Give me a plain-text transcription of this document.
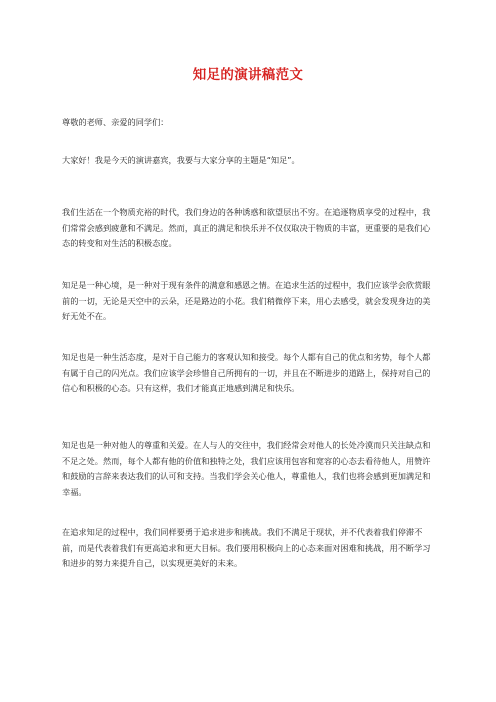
知足的演讲稿范文

尊敬的老师、亲爱的同学们：

大家好！我是今天的演讲嘉宾，我要与大家分享的主题是“知足”。

我们生活在一个物质充裕的时代，我们身边的各种诱惑和欲望层出不穷。在追逐物质享受的过程中，我们常常会感到疲惫和不满足。然而，真正的满足和快乐并不仅仅取决于物质的丰富，更重要的是我们心态的转变和对生活的积极态度。

知足是一种心境，是一种对于现有条件的满意和感恩之情。在追求生活的过程中，我们应该学会欣赏眼前的一切，无论是天空中的云朵，还是路边的小花。我们稍微停下来，用心去感受，就会发现身边的美好无处不在。

知足也是一种生活态度，是对于自己能力的客观认知和接受。每个人都有自己的优点和劣势，每个人都有属于自己的闪光点。我们应该学会珍惜自己所拥有的一切，并且在不断进步的道路上，保持对自己的信心和积极的心态。只有这样，我们才能真正地感到满足和快乐。

知足也是一种对他人的尊重和关爱。在人与人的交往中，我们经常会对他人的长处冷漠而只关注缺点和不足之处。然而，每个人都有他的价值和独特之处，我们应该用包容和宽容的心态去看待他人，用赞许和鼓励的言辞来表达我们的认可和支持。当我们学会关心他人，尊重他人，我们也将会感到更加满足和幸福。

在追求知足的过程中，我们同样要勇于追求进步和挑战。我们不满足于现状，并不代表着我们停滞不前，而是代表着我们有更高追求和更大目标。我们要用积极向上的心态来面对困难和挑战，用不断学习和进步的努力来提升自己，以实现更美好的未来。
